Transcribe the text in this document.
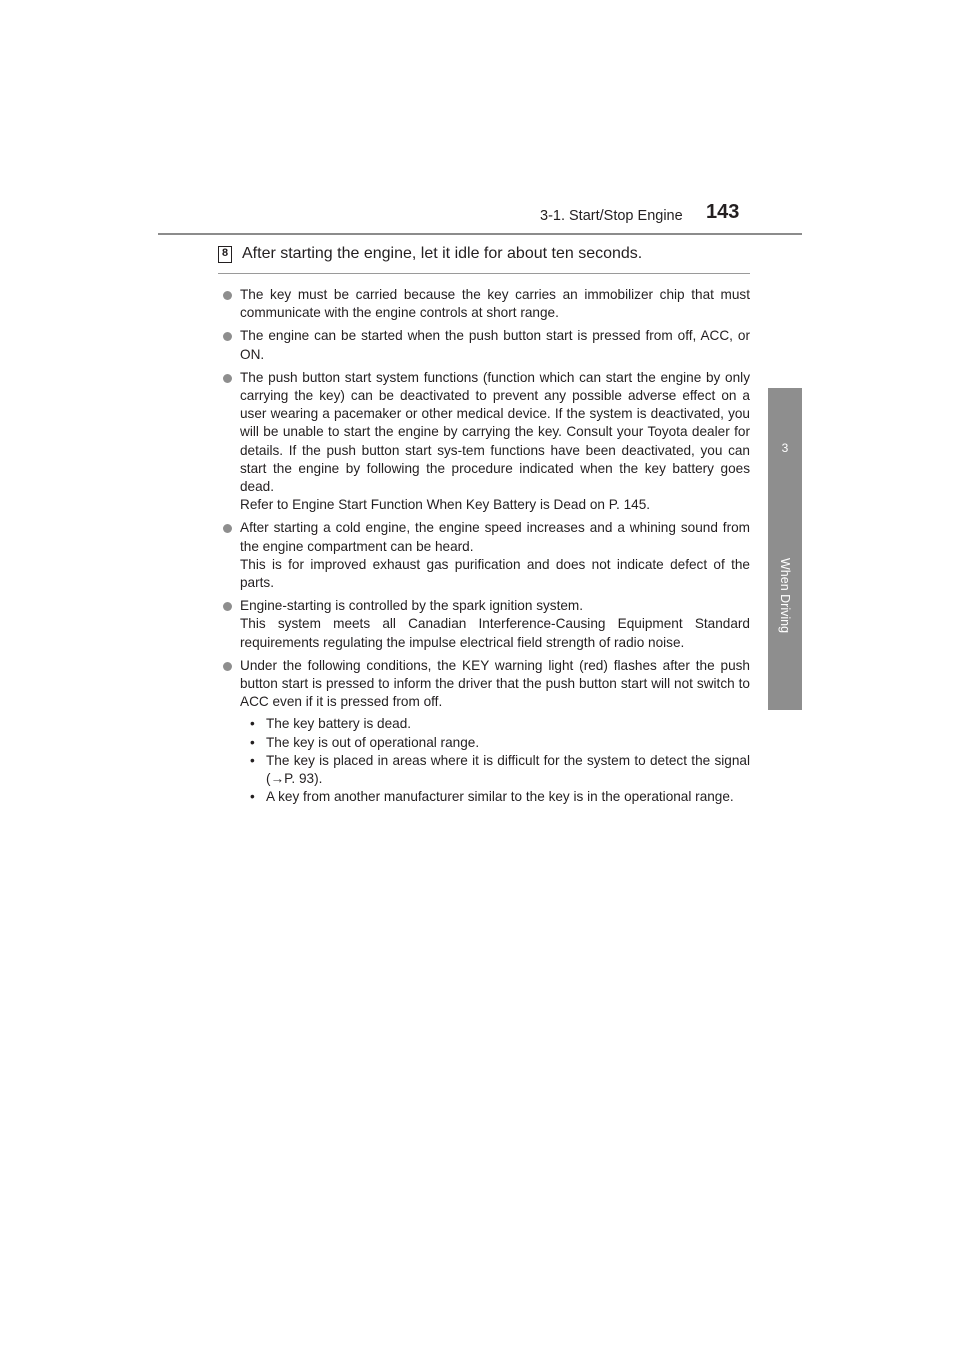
3-1. Start/Stop Engine 143
3
When Driving
8 After starting the engine, let it idle for about ten seconds.

The key must be carried because the key carries an immobilizer chip that must communicate with the engine controls at short range.

The engine can be started when the push button start is pressed from off, ACC, or ON.

The push button start system functions (function which can start the engine by only carrying the key) can be deactivated to prevent any possible adverse effect on a user wearing a pacemaker or other medical device. If the system is deactivated, you will be unable to start the engine by carrying the key. Consult your Toyota dealer for details. If the push button start sys-tem functions have been deactivated, you can start the engine by following the procedure indicated when the key battery goes dead.

Refer to Engine Start Function When Key Battery is Dead on P. 145.

After starting a cold engine, the engine speed increases and a whining sound from the engine compartment can be heard.

This is for improved exhaust gas purification and does not indicate defect of the parts.

Engine-starting is controlled by the spark ignition system.

This system meets all Canadian Interference-Causing Equipment Standard requirements regulating the impulse electrical field strength of radio noise.

Under the following conditions, the KEY warning light (red) flashes after the push button start is pressed to inform the driver that the push button start will not switch to ACC even if it is pressed from off.

• The key battery is dead.

• The key is out of operational range.

• The key is placed in areas where it is difficult for the system to detect the signal (→P. 93).

• A key from another manufacturer similar to the key is in the operational range.
